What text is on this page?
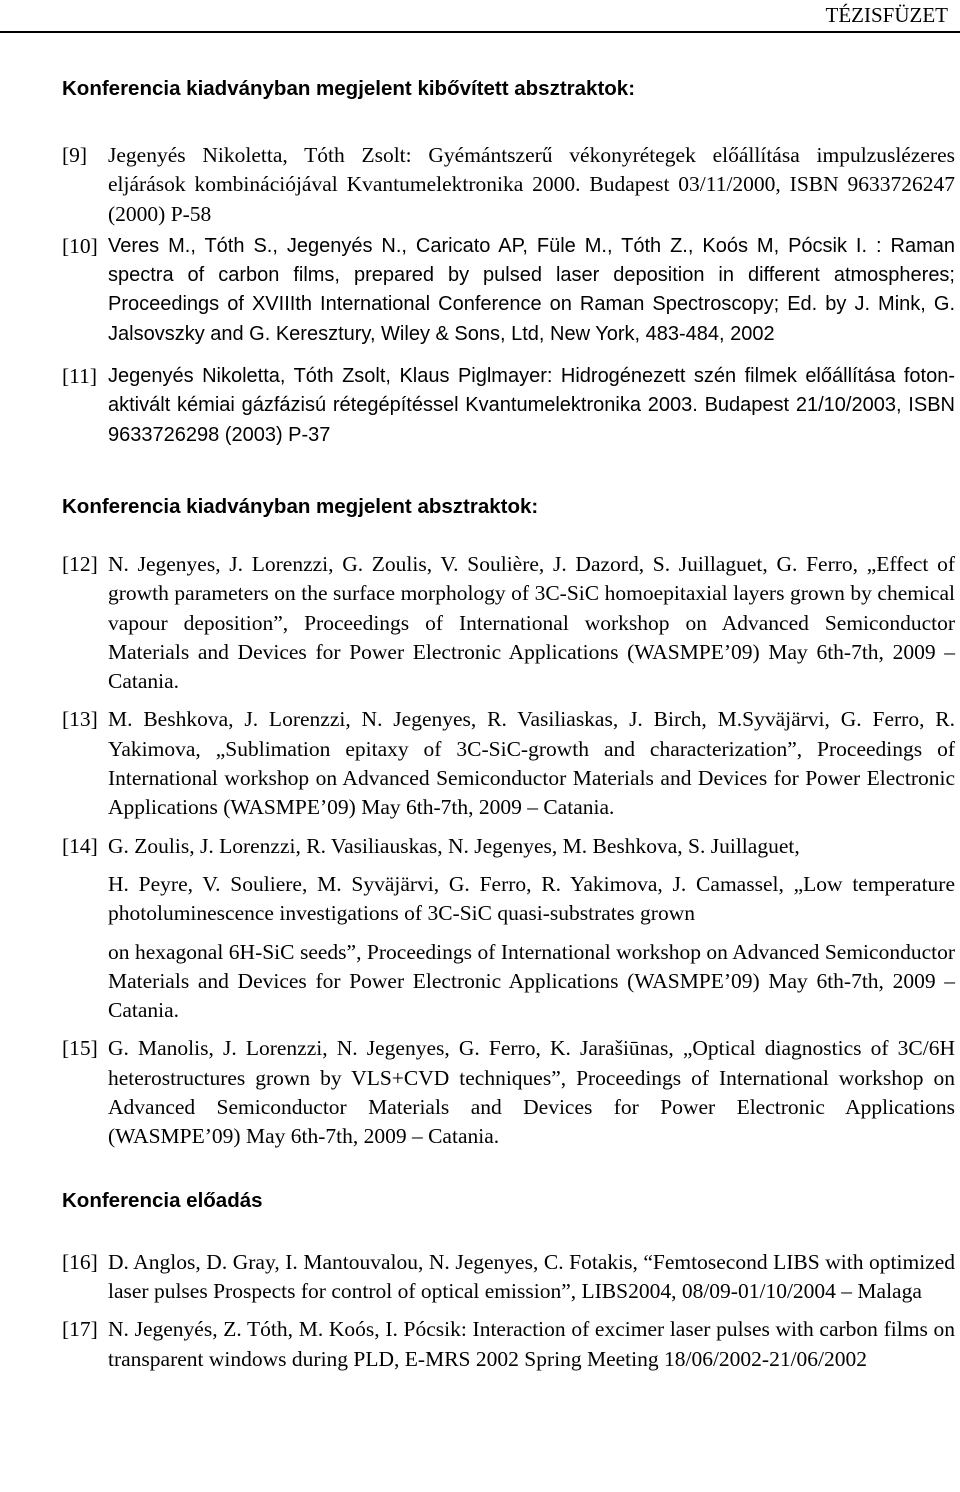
TÉZISFÜZET
Konferencia kiadványban megjelent kibővített absztraktok:
[9] Jegenyés Nikoletta, Tóth Zsolt: Gyémántszerű vékonyrétegek előállítása impulzuslézeres eljárások kombinációjával Kvantumelektronika 2000. Budapest 03/11/2000, ISBN 9633726247 (2000) P-58

[10] Veres M., Tóth S., Jegenyés N., Caricato AP, Füle M., Tóth Z., Koós M, Pócsik I. : Raman spectra of carbon films, prepared by pulsed laser deposition in different atmospheres; Proceedings of XVIIIth International Conference on Raman Spectroscopy; Ed. by J. Mink, G. Jalsovszky and G. Keresztury, Wiley & Sons, Ltd, New York, 483-484, 2002

[11] Jegenyés Nikoletta, Tóth Zsolt, Klaus Piglmayer: Hidrogénezett szén filmek előállítása foton-aktivált kémiai gázfázisú rétegépítéssel Kvantumelektronika 2003. Budapest 21/10/2003, ISBN 9633726298 (2003) P-37

Konferencia kiadványban megjelent absztraktok:
[12] N. Jegenyes, J. Lorenzzi, G. Zoulis, V. Soulière, J. Dazord, S. Juillaguet, G. Ferro, „Effect of growth parameters on the surface morphology of 3C-SiC homoepitaxial layers grown by chemical vapour deposition”, Proceedings of International workshop on Advanced Semiconductor Materials and Devices for Power Electronic Applications (WASMPE’09) May 6th-7th, 2009 – Catania.

[13] M. Beshkova, J. Lorenzzi, N. Jegenyes, R. Vasiliaskas, J. Birch, M.Syväjärvi, G. Ferro, R. Yakimova, „Sublimation epitaxy of 3C-SiC-growth and characterization”, Proceedings of International workshop on Advanced Semiconductor Materials and Devices for Power Electronic Applications (WASMPE’09) May 6th-7th, 2009 – Catania.

[14] G. Zoulis, J. Lorenzzi, R. Vasiliauskas, N. Jegenyes, M. Beshkova, S. Juillaguet,

H. Peyre, V. Souliere, M. Syväjärvi, G. Ferro, R. Yakimova, J. Camassel, „Low temperature photoluminescence investigations of 3C-SiC quasi-substrates grown

on hexagonal 6H-SiC seeds”, Proceedings of International workshop on Advanced Semiconductor Materials and Devices for Power Electronic Applications (WASMPE’09) May 6th-7th, 2009 – Catania.

[15] G. Manolis, J. Lorenzzi, N. Jegenyes, G. Ferro, K. Jarašiūnas, „Optical diagnostics of 3C/6H heterostructures grown by VLS+CVD techniques”, Proceedings of International workshop on Advanced Semiconductor Materials and Devices for Power Electronic Applications (WASMPE’09) May 6th-7th, 2009 – Catania.

Konferencia előadás
[16] D. Anglos, D. Gray, I. Mantouvalou, N. Jegenyes, C. Fotakis, “Femtosecond LIBS with optimized laser pulses Prospects for control of optical emission”, LIBS2004, 08/09-01/10/2004 – Malaga

[17] N. Jegenyés, Z. Tóth, M. Koós, I. Pócsik: Interaction of excimer laser pulses with carbon films on transparent windows during PLD, E-MRS 2002 Spring Meeting 18/06/2002-21/06/2002
